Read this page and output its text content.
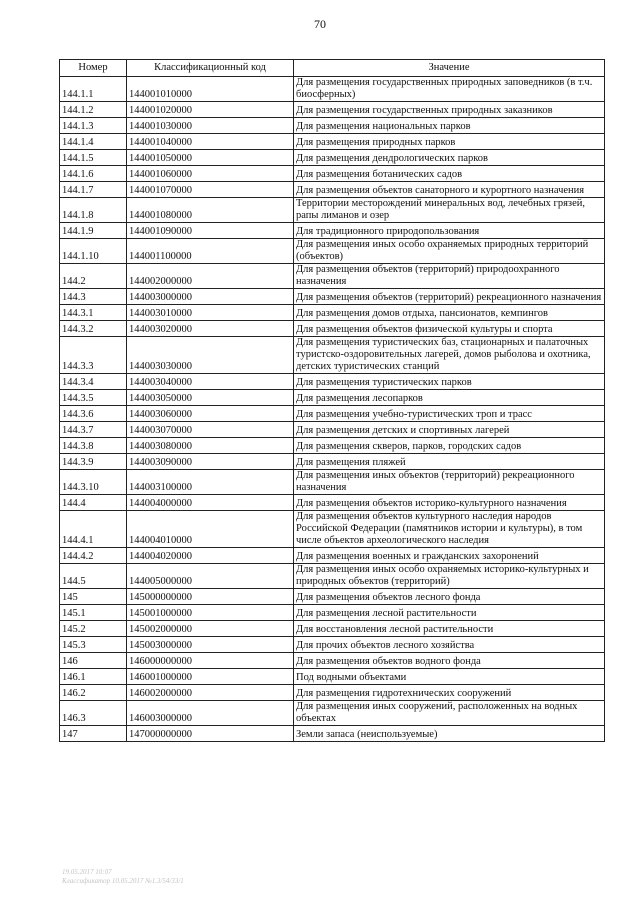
70
Номер	Классификационный код	Значение
144.1.1	144001010000	Для размещения государственных природных заповедников (в т.ч. биосферных)
144.1.2	144001020000	Для размещения государственных природных заказников
144.1.3	144001030000	Для размещения национальных парков
144.1.4	144001040000	Для размещения природных парков
144.1.5	144001050000	Для размещения дендрологических парков
144.1.6	144001060000	Для размещения ботанических садов
144.1.7	144001070000	Для размещения объектов санаторного и курортного назначения
144.1.8	144001080000	Территории месторождений минеральных вод, лечебных грязей, рапы лиманов и озер
144.1.9	144001090000	Для традиционного природопользования
144.1.10	144001100000	Для размещения иных особо охраняемых природных территорий (объектов)
144.2	144002000000	Для размещения объектов (территорий) природоохранного назначения
144.3	144003000000	Для размещения объектов (территорий) рекреационного назначения
144.3.1	144003010000	Для размещения домов отдыха, пансионатов, кемпингов
144.3.2	144003020000	Для размещения объектов физической культуры и спорта
144.3.3	144003030000	Для размещения туристических баз, стационарных и палаточных туристско-оздоровительных лагерей, домов рыболова и охотника, детских туристических станций
144.3.4	144003040000	Для размещения туристических парков
144.3.5	144003050000	Для размещения лесопарков
144.3.6	144003060000	Для размещения учебно-туристических троп и трасс
144.3.7	144003070000	Для размещения детских и спортивных лагерей
144.3.8	144003080000	Для размещения скверов, парков, городских садов
144.3.9	144003090000	Для размещения пляжей
144.3.10	144003100000	Для размещения иных объектов (территорий) рекреационного назначения
144.4	144004000000	Для размещения объектов историко-культурного назначения
144.4.1	144004010000	Для размещения объектов культурного наследия народов Российской Федерации (памятников истории и культуры), в том числе объектов археологического наследия
144.4.2	144004020000	Для размещения военных и гражданских захоронений
144.5	144005000000	Для размещения иных особо охраняемых историко-культурных и природных объектов (территорий)
145	145000000000	Для размещения объектов лесного фонда
145.1	145001000000	Для размещения лесной растительности
145.2	145002000000	Для восстановления лесной растительности
145.3	145003000000	Для прочих объектов лесного хозяйства
146	146000000000	Для размещения объектов водного фонда
146.1	146001000000	Под водными объектами
146.2	146002000000	Для размещения гидротехнических сооружений
146.3	146003000000	Для размещения иных сооружений, расположенных на водных объектах
147	147000000000	Земли запаса (неиспользуемые)
19.05.2017 10:07
Классификатор 10.05.2017 №1.3/54/33/1
